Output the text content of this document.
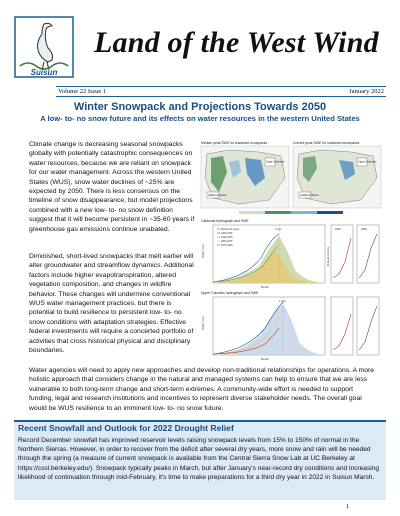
Suisun
Land of the West Wind
Volume 22 Issue 1	January 2022
Winter Snowpack and Projections Towards 2050
A low- to- no snow future and its effects on water resources in the western United States

Climate change is decreasing seasonal snowpacks globally with potentially catastrophic consequences on water resources, because we are reliant on snowpack for our water management. Across the western United States (WUS), snow water declines of ~25% are expected by 2050. There is less consensus on the timeline of snow disappearance, but model projections combined with a new low- to- no snow definition suggest that it will become persistent in ~35-60 years if greenhouse gas emissions continue unabated.

Diminished, short-lived snowpacks that melt earlier will alter groundwater and streamflow dynamics. Additional factors include higher evapotranspiration, altered vegetation composition, and changes in wildfire behavior. These changes will undermine conventional WUS water management practices, but there is potential to build resilience to persistent low- to- no snow conditions with adaptation strategies. Effective federal investments will require a concerted portfolio of activities that cross historical physical and disciplinary boundaries.

Median peak SWE for sustained snowpacks
Upper Colorado
California Sierra
Current peak SWE for sustained snowpacks
Upper Colorado
California Sierra
California hydrograph and SWE
1 Apr
SWE (mm)
Month
Median/1σ range
1980-2005
2020-2045
2050-2075
2075-2100
2030	2050
% low-to-no snow
Upper Colorado hydrograph and SWE
1 Apr
SWE (mm)
Month

Water agencies will need to apply new approaches and develop non-traditional relationships for operations. A more holistic approach that considers change in the natural and managed systems can help to ensure that we are less vulnerable to both long-term change and short-term extremes. A community-wide effort is needed to support funding, legal and research institutions and incentives to represent diverse stakeholder needs. The overall goal would be WUS resilience to an imminent low- to- no snow future.

Recent Snowfall and Outlook for 2022 Drought Relief

Record December snowfall has improved reservoir levels raising snowpack levels from 15% to 150% of normal in the Northern Sierras. However, in order to recover from the deficit after several dry years, more snow and rain will be needed through the spring (a measure of current snowpack is available from the Central Sierra Snow Lab at UC Berkeley at https://cssl.berkeley.edu/). Snowpack typically peaks in March, but after January's near-record dry conditions and increasing likelihood of continuation through mid-February, it's time to make preparations for a third dry year in 2022 in Suisun Marsh.

1
